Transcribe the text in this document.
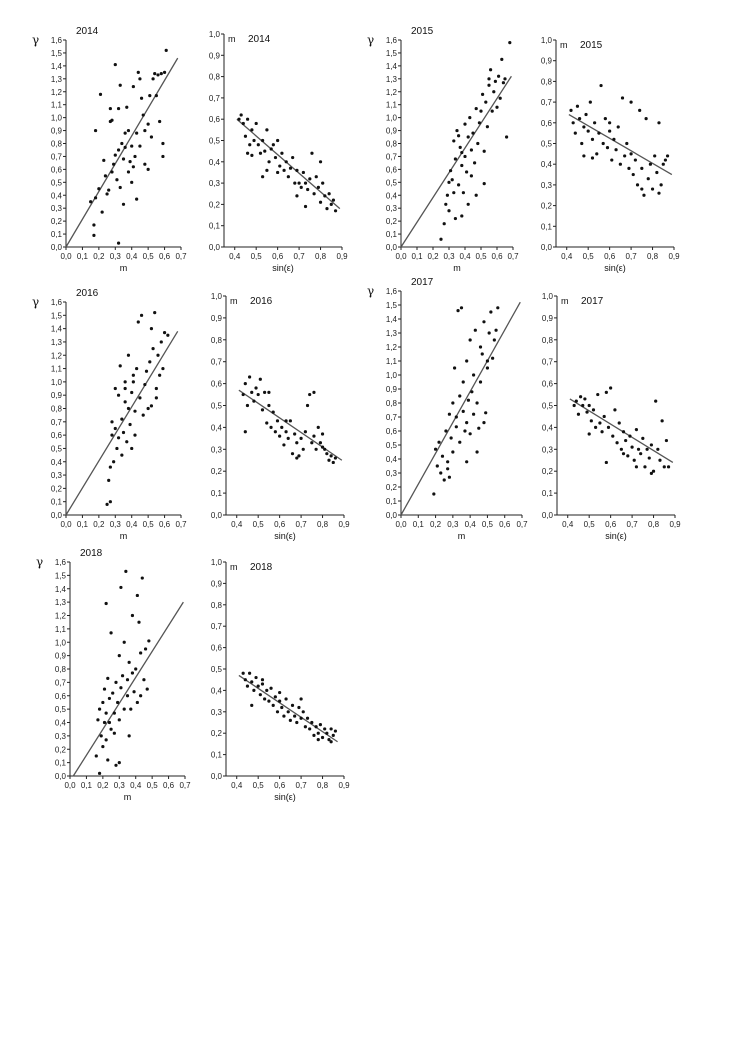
0,0
0,1
0,2
0,3
0,4
0,5
0,6
0,7
0,8
0,9
1,0
1,1
1,2
1,3
1,4
1,5
1,6
0,0 0,1 0,2 0,3 0,4 0,5 0,6 0,7
m
γ
2014
0,0
0,1
0,2
0,3
0,4
0,5
0,6
0,7
0,8
0,9
1,0
0,4 0,5 0,6 0,7 0,8 0,9
sin(ε)
m 2014
0,0
0,1
0,2
0,3
0,4
0,5
0,6
0,7
0,8
0,9
1,0
1,1
1,2
1,3
1,4
1,5
1,6
0,0 0,1 0,2 0,3 0,4 0,5 0,6 0,7
m
γ
2015
0,0
0,1
0,2
0,3
0,4
0,5
0,6
0,7
0,8
0,9
1,0
0,4 0,5 0,6 0,7 0,8 0,9
sin(ε)
m 2015
0,0
0,1
0,2
0,3
0,4
0,5
0,6
0,7
0,8
0,9
1,0
1,1
1,2
1,3
1,4
1,5
1,6
0,0 0,1 0,2 0,3 0,4 0,5 0,6 0,7
m
γ
2016
0,0
0,1
0,2
0,3
0,4
0,5
0,6
0,7
0,8
0,9
1,0
0,4 0,5 0,6 0,7 0,8 0,9
sin(ε)
m 2016
0,0
0,1
0,2
0,3
0,4
0,5
0,6
0,7
0,8
0,9
1,0
1,1
1,2
1,3
1,4
1,5
1,6
0,0 0,1 0,2 0,3 0,4 0,5 0,6 0,7
m
γ
2017
0,0
0,1
0,2
0,3
0,4
0,5
0,6
0,7
0,8
0,9
1,0
0,4 0,5 0,6 0,7 0,8 0,9
sin(ε)
m 2017
0,0
0,1
0,2
0,3
0,4
0,5
0,6
0,7
0,8
0,9
1,0
1,1
1,2
1,3
1,4
1,5
1,6
0,0 0,1 0,2 0,3 0,4 0,5 0,6 0,7
m
γ
2018
0,0
0,1
0,2
0,3
0,4
0,5
0,6
0,7
0,8
0,9
1,0
0,4 0,5 0,6 0,7 0,8 0,9
sin(ε)
m 2018
